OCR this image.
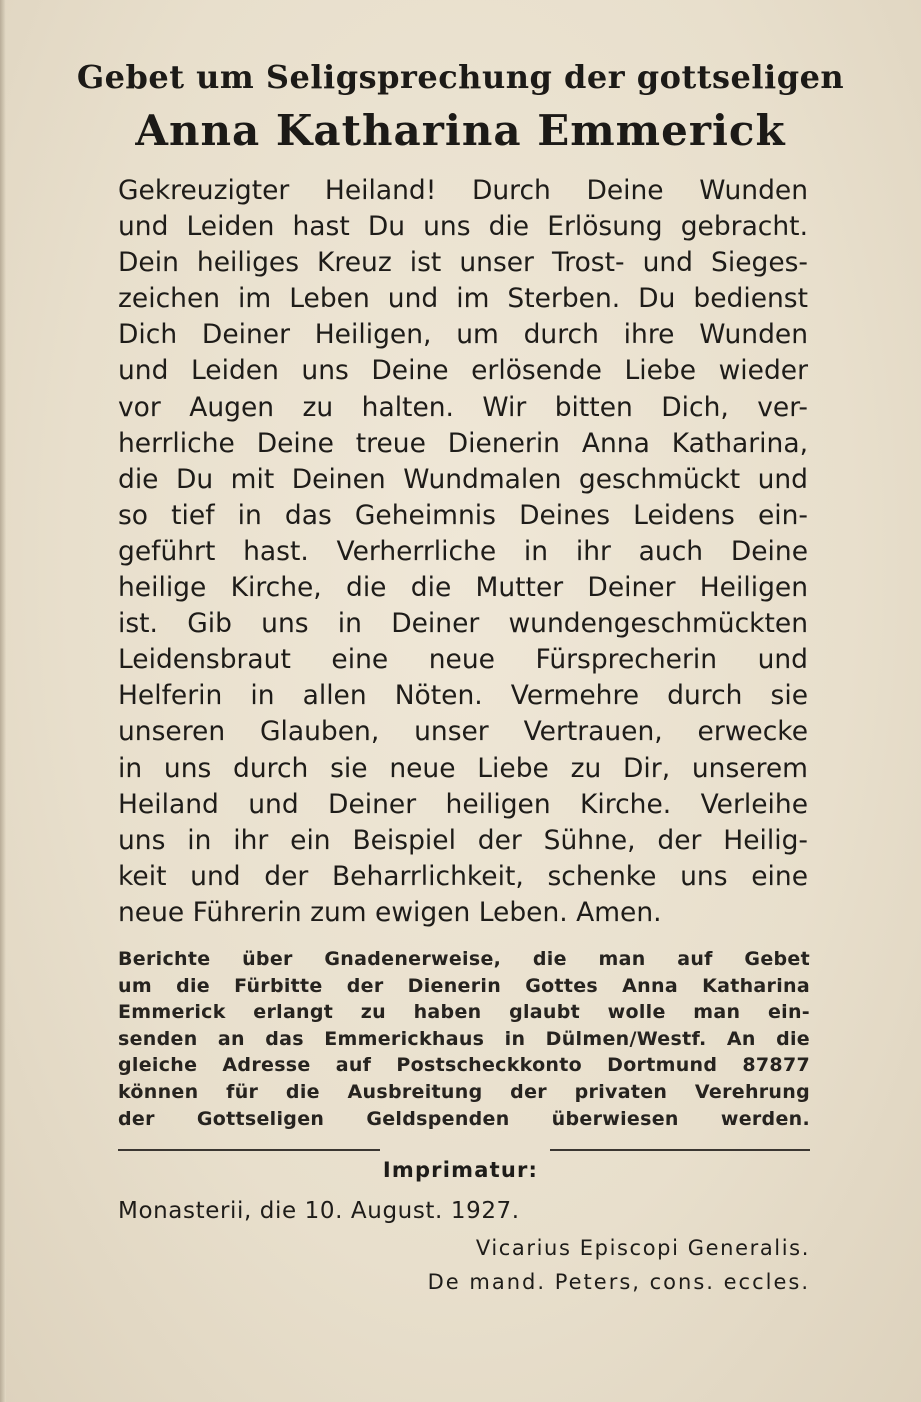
Gebet um Seligsprechung der gottseligen
Anna Katharina Emmerick
Gekreuzigter Heiland! Durch Deine Wunden
und Leiden hast Du uns die Erlösung gebracht.
Dein heiliges Kreuz ist unser Trost- und Sieges-
zeichen im Leben und im Sterben. Du bedienst
Dich Deiner Heiligen, um durch ihre Wunden
und Leiden uns Deine erlösende Liebe wieder
vor Augen zu halten. Wir bitten Dich, ver-
herrliche Deine treue Dienerin Anna Katharina,
die Du mit Deinen Wundmalen geschmückt und
so tief in das Geheimnis Deines Leidens ein-
geführt hast. Verherrliche in ihr auch Deine
heilige Kirche, die die Mutter Deiner Heiligen
ist. Gib uns in Deiner wundengeschmückten
Leidensbraut eine neue Fürsprecherin und
Helferin in allen Nöten. Vermehre durch sie
unseren Glauben, unser Vertrauen, erwecke
in uns durch sie neue Liebe zu Dir, unserem
Heiland und Deiner heiligen Kirche. Verleihe
uns in ihr ein Beispiel der Sühne, der Heilig-
keit und der Beharrlichkeit, schenke uns eine
neue Führerin zum ewigen Leben. Amen.
Berichte über Gnadenerweise, die man auf Gebet
um die Fürbitte der Dienerin Gottes Anna Katharina
Emmerick erlangt zu haben glaubt wolle man ein-
senden an das Emmerickhaus in Dülmen/Westf. An die
gleiche Adresse auf Postscheckkonto Dortmund 87877
können für die Ausbreitung der privaten Verehrung
der Gottseligen Geldspenden überwiesen werden.
Imprimatur:
Monasterii, die 10. August. 1927.
Vicarius Episcopi Generalis.
De mand. Peters, cons. eccles.
